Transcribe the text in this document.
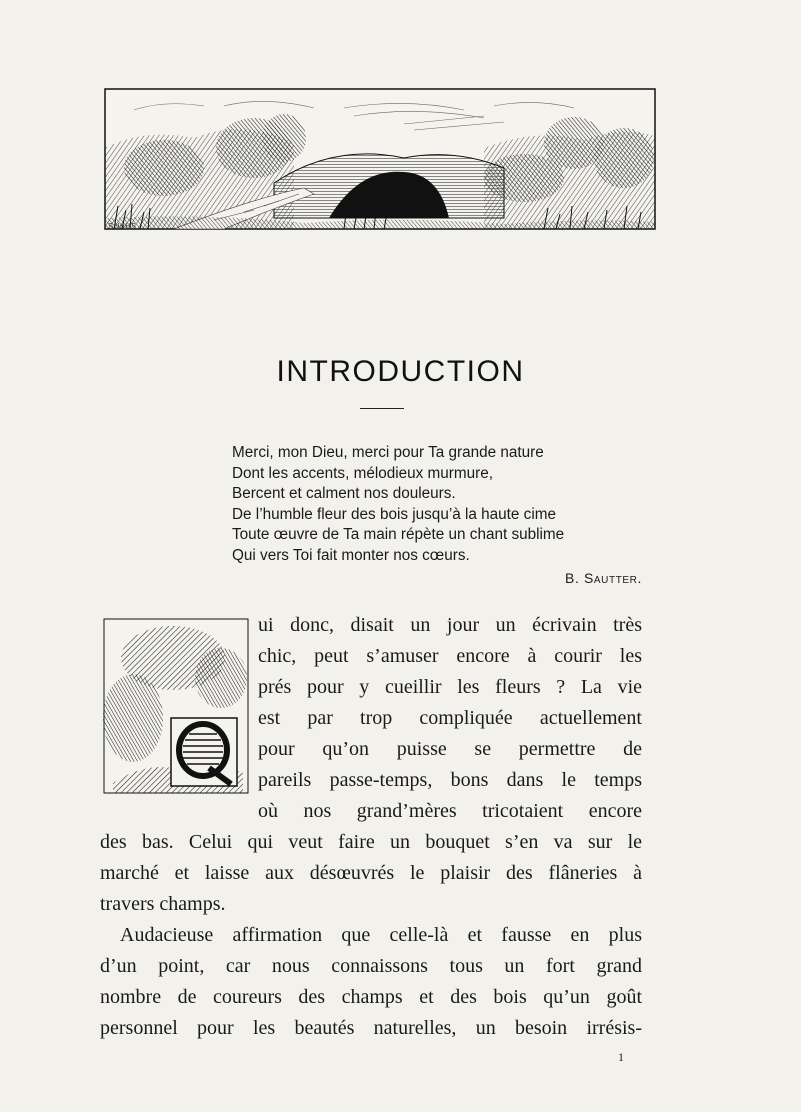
SNoH5
INTRODUCTION
Merci, mon Dieu, merci pour Ta grande nature
Dont les accents, mélodieux murmure,
Bercent et calment nos douleurs.
De l’humble fleur des bois jusqu’à la haute cime
Toute œuvre de Ta main répète un chant sublime
Qui vers Toi fait monter nos cœurs.
B. Sautter.
ui donc, disait un jour un écrivain très
chic, peut s’amuser encore à courir les
prés pour y cueillir les fleurs ? La vie
est par trop compliquée actuellement
pour qu’on puisse se permettre de
pareils passe-temps, bons dans le temps
où nos grand’mères tricotaient encore
des bas. Celui qui veut faire un bouquet s’en va sur le
marché et laisse aux désœuvrés le plaisir des flâneries à
travers champs.
Audacieuse affirmation que celle-là et fausse en plus
d’un point, car nous connaissons tous un fort grand
nombre de coureurs des champs et des bois qu’un goût
personnel pour les beautés naturelles, un besoin irrésis-
1
